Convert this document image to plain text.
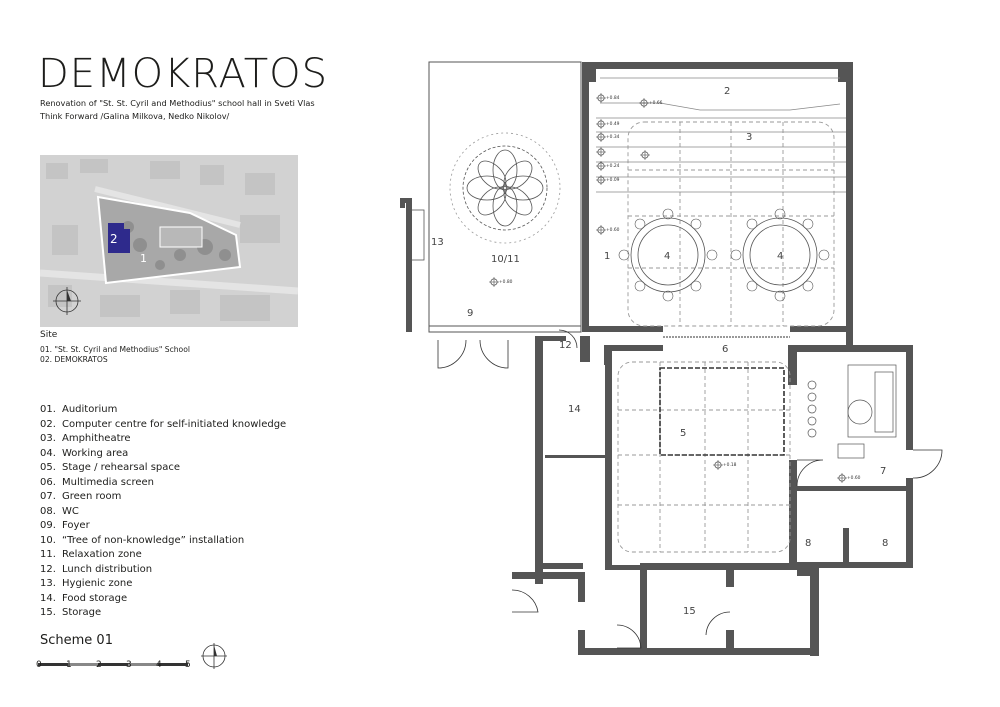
DEMOKRATOS
Renovation of "St. St. Cyril and Methodius" school hall in Sveti Vlas
Think Forward /Galina Milkova, Nedko Nikolov/
2
1
Site
01. "St. St. Cyril and Methodius" School
02. DEMOKRATOS
01. Auditorium
02. Computer centre for self-initiated knowledge
03. Amphitheatre
04. Working area
05. Stage / rehearsal space
06. Multimedia screen
07. Green room
08. WC
09. Foyer
10. “Tree of non-knowledge” installation
11. Relaxation zone
12. Lunch distribution
13. Hygienic zone
14. Food storage
15. Storage
Scheme 01
0	1	2	3	4	5
+0.84
+0.66
+0.49
+0.34
+0.24
+0.09
+0.60
+0.80
+0.18
+0.60
1
2
3
4	4
5
6
7
8	8
9
10/11
12
13
14
15
